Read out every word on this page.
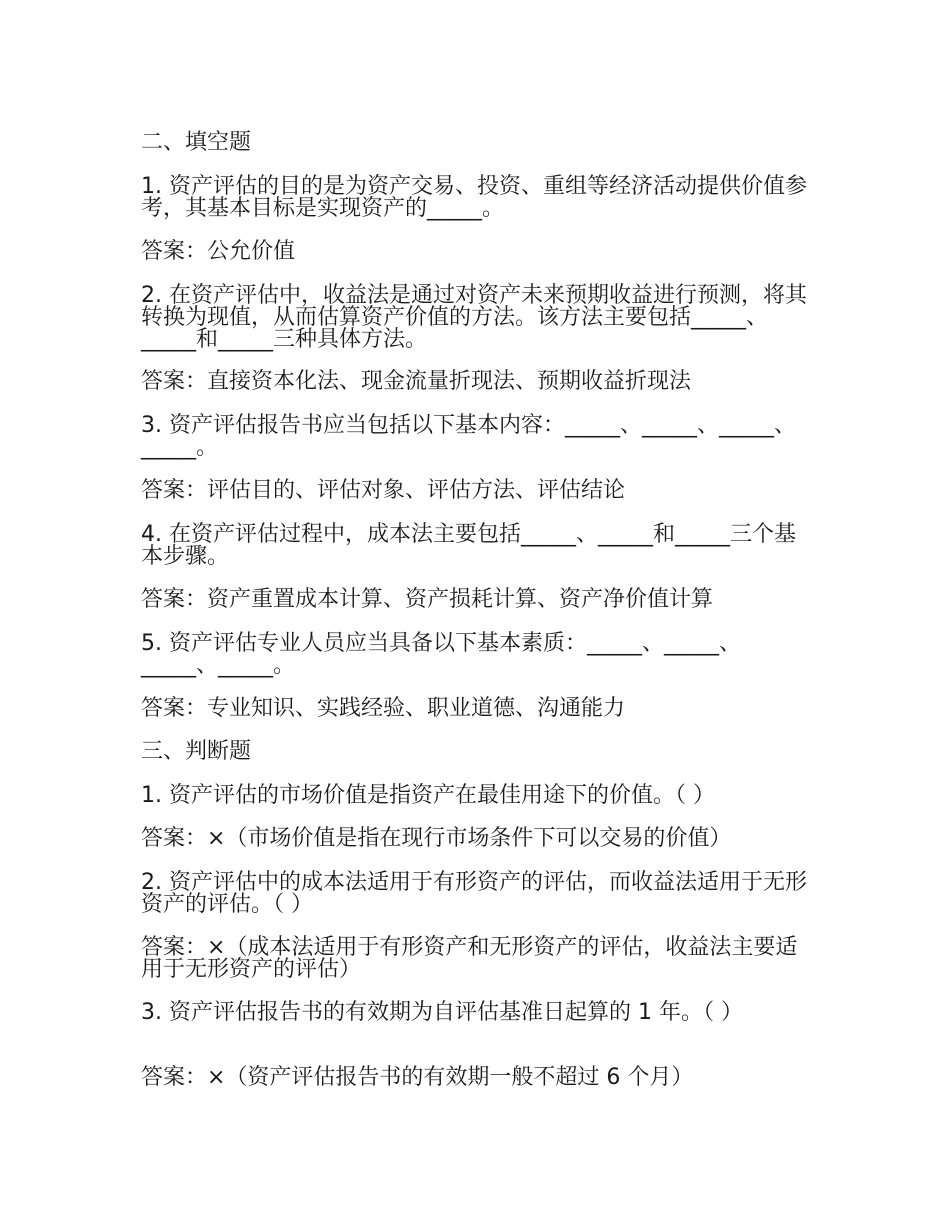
二、填空题

1. 资产评估的目的是为资产交易、投资、重组等经济活动提供价值参考，其基本目标是实现资产的_____。

答案：公允价值

2. 在资产评估中，收益法是通过对资产未来预期收益进行预测，将其转换为现值，从而估算资产价值的方法。该方法主要包括_____、_____和_____三种具体方法。

答案：直接资本化法、现金流量折现法、预期收益折现法

3. 资产评估报告书应当包括以下基本内容：_____、_____、_____、_____。

答案：评估目的、评估对象、评估方法、评估结论

4. 在资产评估过程中，成本法主要包括_____、_____和_____三个基本步骤。

答案：资产重置成本计算、资产损耗计算、资产净价值计算

5. 资产评估专业人员应当具备以下基本素质：_____、_____、_____、_____。

答案：专业知识、实践经验、职业道德、沟通能力

三、判断题

1. 资产评估的市场价值是指资产在最佳用途下的价值。（ ）

答案：×（市场价值是指在现行市场条件下可以交易的价值）

2. 资产评估中的成本法适用于有形资产的评估，而收益法适用于无形资产的评估。（ ）

答案：×（成本法适用于有形资产和无形资产的评估，收益法主要适用于无形资产的评估）

3. 资产评估报告书的有效期为自评估基准日起算的 1 年。（ ）

答案：×（资产评估报告书的有效期一般不超过 6 个月）
